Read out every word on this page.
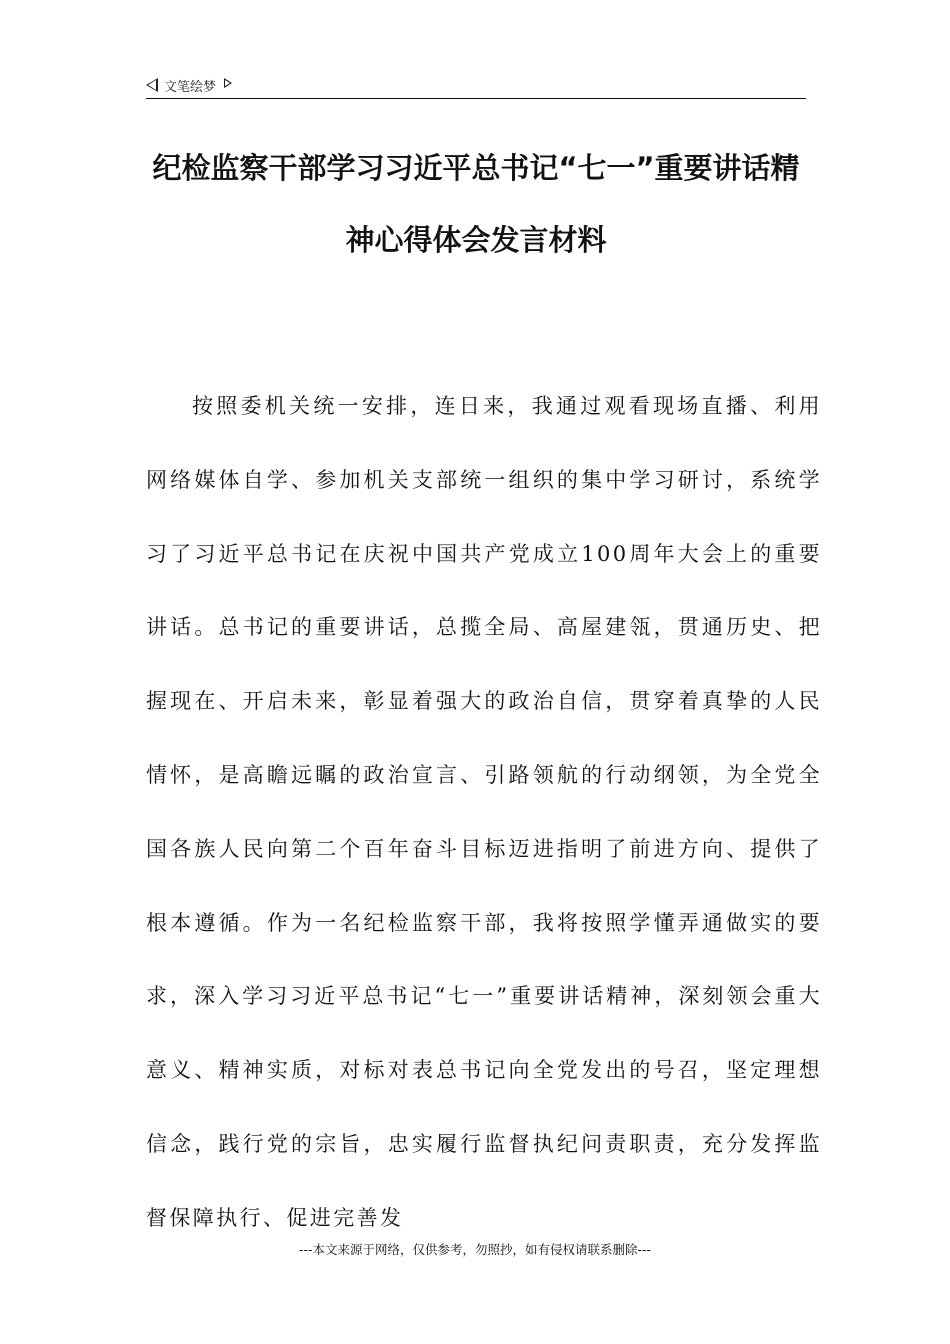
文笔绘梦
纪检监察干部学习习近平总书记“七一”重要讲话精神心得体会发言材料

按照委机关统一安排，连日来，我通过观看现场直播、利用网络媒体自学、参加机关支部统一组织的集中学习研讨，系统学习了习近平总书记在庆祝中国共产党成立100周年大会上的重要讲话。总书记的重要讲话，总揽全局、高屋建瓴，贯通历史、把握现在、开启未来，彰显着强大的政治自信，贯穿着真挚的人民情怀，是高瞻远瞩的政治宣言、引路领航的行动纲领，为全党全国各族人民向第二个百年奋斗目标迈进指明了前进方向、提供了根本遵循。作为一名纪检监察干部，我将按照学懂弄通做实的要求，深入学习习近平总书记“七一”重要讲话精神，深刻领会重大意义、精神实质，对标对表总书记向全党发出的号召，坚定理想信念，践行党的宗旨，忠实履行监督执纪问责职责，充分发挥监督保障执行、促进完善发

---本文来源于网络，仅供参考，勿照抄，如有侵权请联系删除---
